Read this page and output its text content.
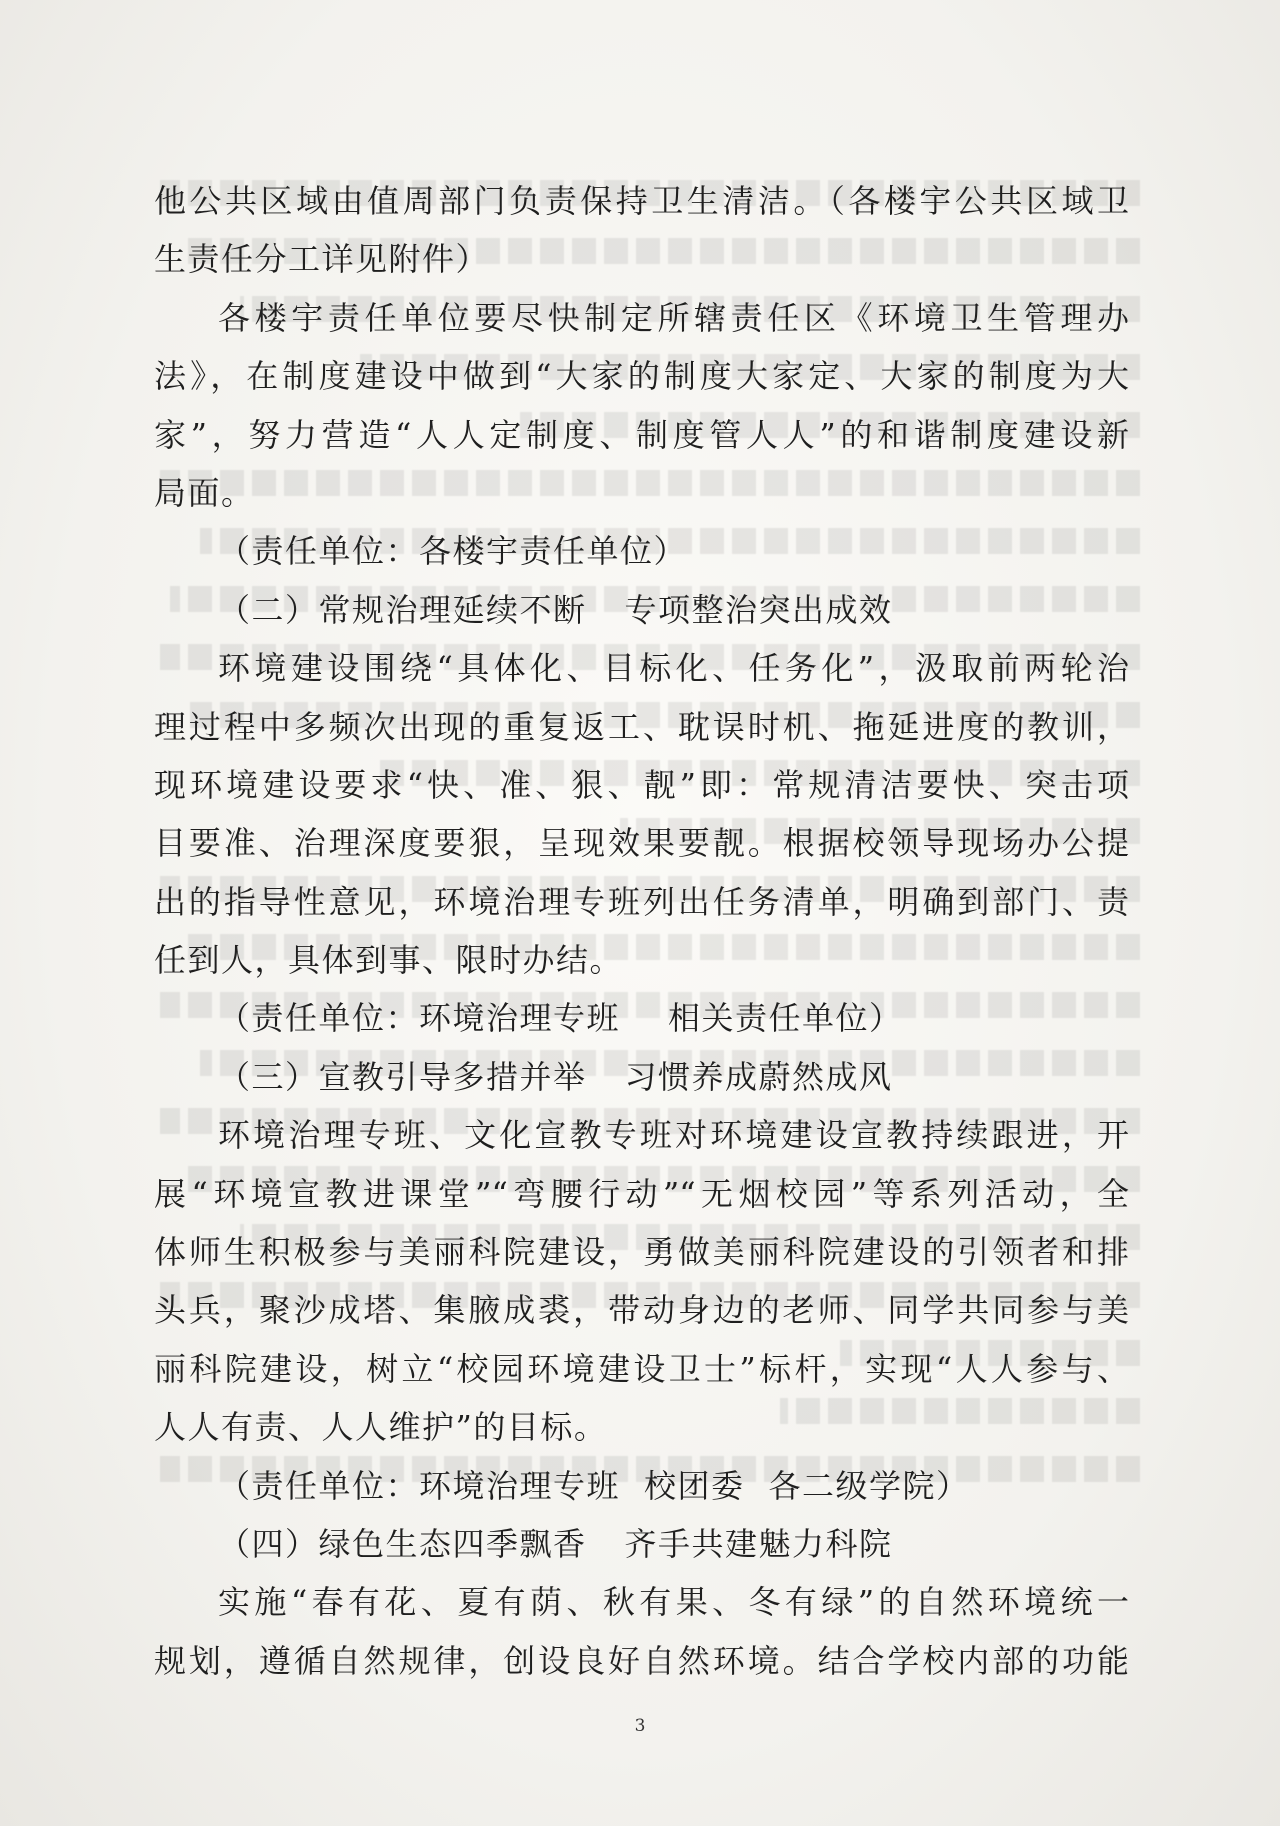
他公共区域由值周部门负责保持卫生清洁。（各楼宇公共区域卫
生责任分工详见附件）
各楼宇责任单位要尽快制定所辖责任区《环境卫生管理办
法》，在制度建设中做到“大家的制度大家定、大家的制度为大
家”，努力营造“人人定制度、制度管人人”的和谐制度建设新
局面。
（责任单位：各楼宇责任单位）
（二）常规治理延续不断 专项整治突出成效
环境建设围绕“具体化、目标化、任务化”，汲取前两轮治
理过程中多频次出现的重复返工、耽误时机、拖延进度的教训，
现环境建设要求“快、准、狠、靓”即：常规清洁要快、突击项
目要准、治理深度要狠，呈现效果要靓。根据校领导现场办公提
出的指导性意见，环境治理专班列出任务清单，明确到部门、责
任到人，具体到事、限时办结。
（责任单位：环境治理专班 相关责任单位）
（三）宣教引导多措并举 习惯养成蔚然成风
环境治理专班、文化宣教专班对环境建设宣教持续跟进，开
展“环境宣教进课堂”“弯腰行动”“无烟校园”等系列活动，全
体师生积极参与美丽科院建设，勇做美丽科院建设的引领者和排
头兵，聚沙成塔、集腋成裘，带动身边的老师、同学共同参与美
丽科院建设，树立“校园环境建设卫士”标杆，实现“人人参与、
人人有责、人人维护”的目标。
（责任单位：环境治理专班 校团委 各二级学院）
（四）绿色生态四季飘香 齐手共建魅力科院
实施“春有花、夏有荫、秋有果、冬有绿”的自然环境统一
规划，遵循自然规律，创设良好自然环境。结合学校内部的功能
3
